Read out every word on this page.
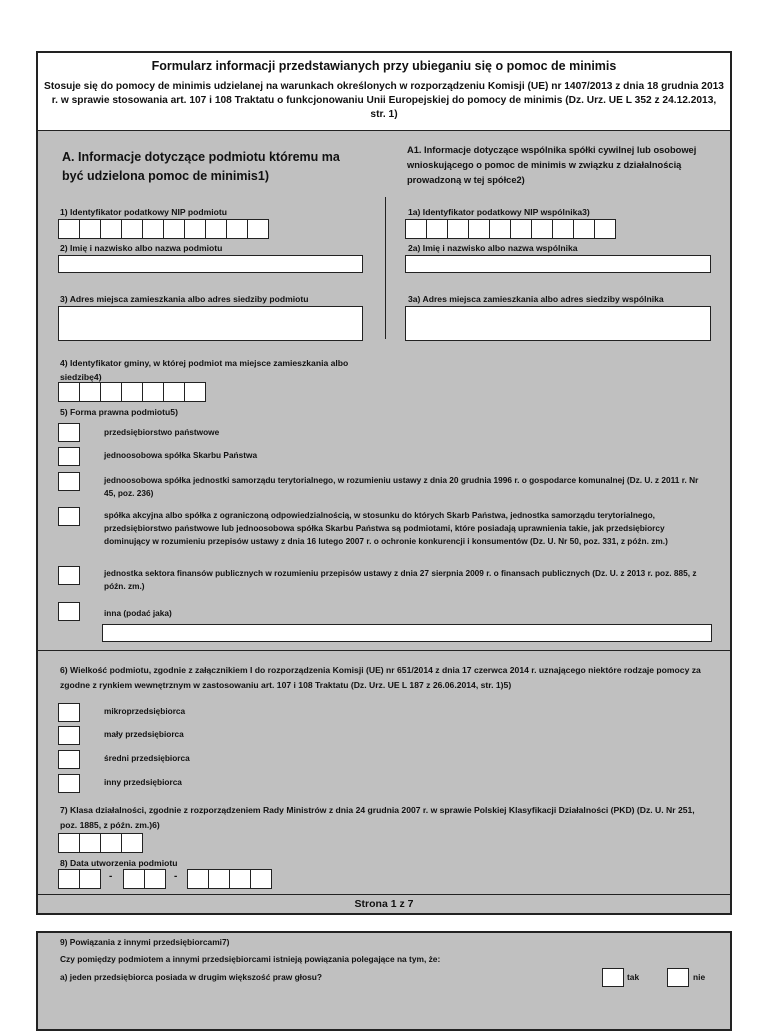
Formularz informacji przedstawianych przy ubieganiu się o pomoc de minimis
Stosuje się do pomocy de minimis udzielanej na warunkach określonych w rozporządzeniu Komisji (UE) nr 1407/2013 z dnia 18 grudnia 2013 r. w sprawie stosowania art. 107 i 108 Traktatu o funkcjonowaniu Unii Europejskiej do pomocy de minimis (Dz. Urz. UE L 352 z 24.12.2013, str. 1)
A. Informacje dotyczące podmiotu któremu ma być udzielona pomoc de minimis1)
A1. Informacje dotyczące wspólnika spółki cywilnej lub osobowej wnioskującego o pomoc de minimis w związku z działalnością prowadzoną w tej spółce2)
1) Identyfikator podatkowy NIP podmiotu
2) Imię i nazwisko albo nazwa podmiotu
3) Adres miejsca zamieszkania albo adres siedziby podmiotu
1a) Identyfikator podatkowy NIP wspólnika3)
2a) Imię i nazwisko albo nazwa wspólnika
3a) Adres miejsca zamieszkania albo adres siedziby wspólnika
4) Identyfikator gminy, w której podmiot ma miejsce zamieszkania albo siedzibę4)
5) Forma prawna podmiotu5)
przedsiębiorstwo państwowe
jednoosobowa spółka Skarbu Państwa
jednoosobowa spółka jednostki samorządu terytorialnego, w rozumieniu ustawy z dnia 20 grudnia 1996 r. o gospodarce komunalnej (Dz. U. z 2011 r. Nr 45, poz. 236)
spółka akcyjna albo spółka z ograniczoną odpowiedzialnością, w stosunku do których Skarb Państwa, jednostka samorządu terytorialnego, przedsiębiorstwo państwowe lub jednoosobowa spółka Skarbu Państwa są podmiotami, które posiadają uprawnienia takie, jak przedsiębiorcy dominujący w rozumieniu przepisów ustawy z dnia 16 lutego 2007 r. o ochronie konkurencji i konsumentów (Dz. U. Nr 50, poz. 331, z późn. zm.)
jednostka sektora finansów publicznych w rozumieniu przepisów ustawy z dnia 27 sierpnia 2009 r. o finansach publicznych (Dz. U. z 2013 r. poz. 885, z późn. zm.)
inna (podać jaka)
6) Wielkość podmiotu, zgodnie z załącznikiem I do rozporządzenia Komisji (UE) nr 651/2014 z dnia 17 czerwca 2014 r. uznającego niektóre rodzaje pomocy za zgodne z rynkiem wewnętrznym w zastosowaniu art. 107 i 108 Traktatu (Dz. Urz. UE L 187 z 26.06.2014, str. 1)5)
mikroprzedsiębiorca
mały przedsiębiorca
średni przedsiębiorca
inny przedsiębiorca
7) Klasa działalności, zgodnie z rozporządzeniem Rady Ministrów z dnia 24 grudnia 2007 r. w sprawie Polskiej Klasyfikacji Działalności (PKD) (Dz. U. Nr 251, poz. 1885, z późn. zm.)6)
8) Data utworzenia podmiotu
-	-
Strona 1 z 7
9) Powiązania z innymi przedsiębiorcami7)
Czy pomiędzy podmiotem a innymi przedsiębiorcami istnieją powiązania polegające na tym, że:
a) jeden przedsiębiorca posiada w drugim większość praw głosu?	tak	nie
